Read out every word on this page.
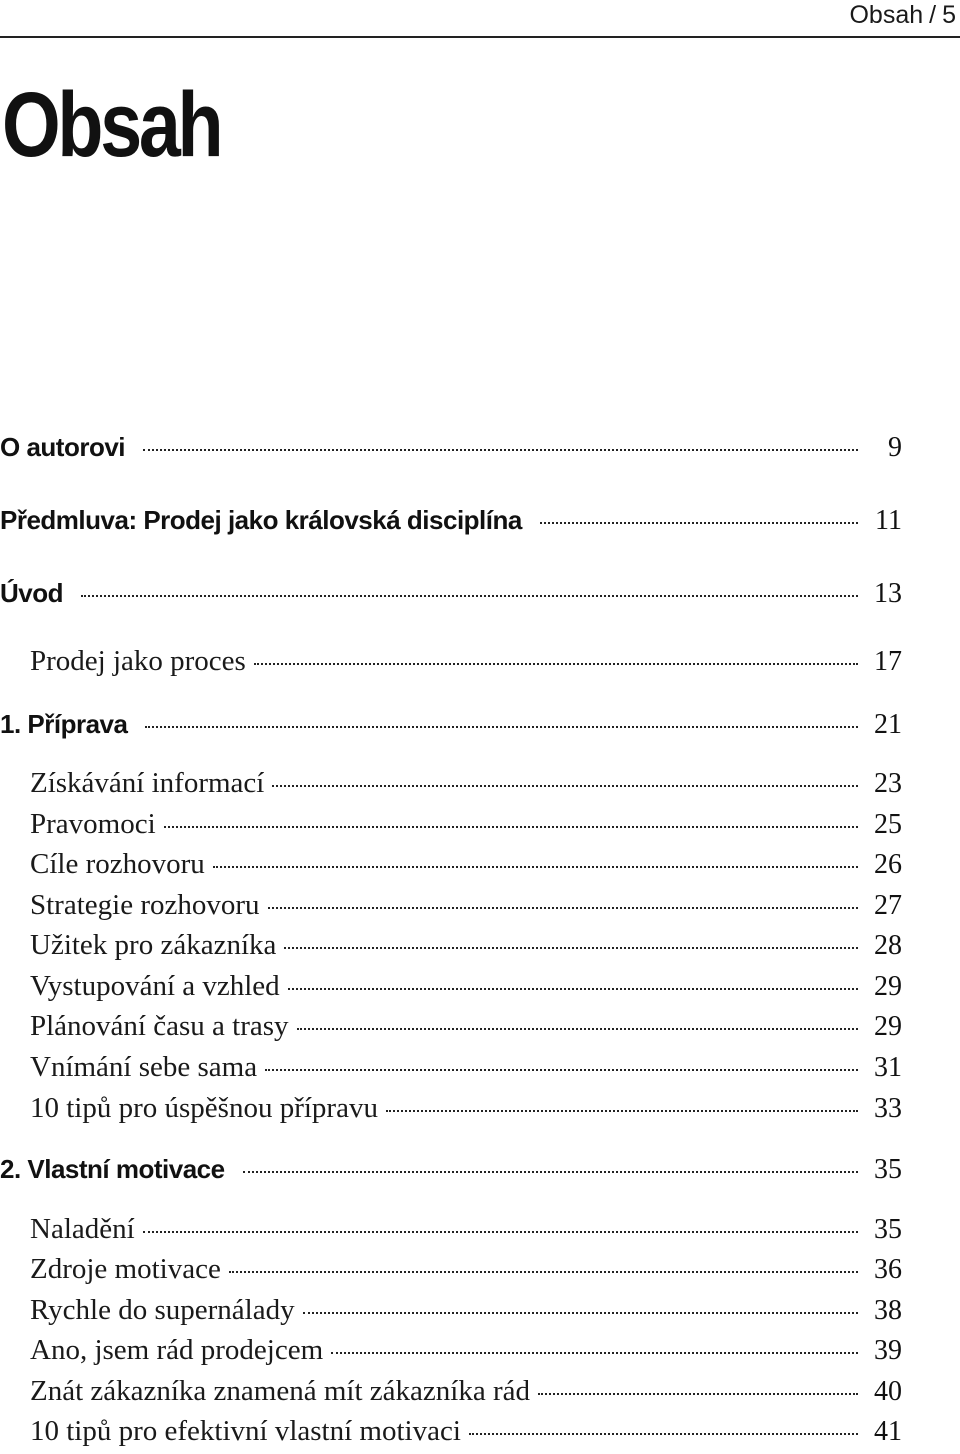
Obsah / 5
Obsah
O autorovi	9
Předmluva: Prodej jako královská disciplína	11
Úvod	13
Prodej jako proces	17
1. Příprava	21
Získávání informací	23
Pravomoci	25
Cíle rozhovoru	26
Strategie rozhovoru	27
Užitek pro zákazníka	28
Vystupování a vzhled	29
Plánování času a trasy	29
Vnímání sebe sama	31
10 tipů pro úspěšnou přípravu	33
2. Vlastní motivace	35
Naladění	35
Zdroje motivace	36
Rychle do supernálady	38
Ano, jsem rád prodejcem	39
Znát zákazníka znamená mít zákazníka rád	40
10 tipů pro efektivní vlastní motivaci	41
